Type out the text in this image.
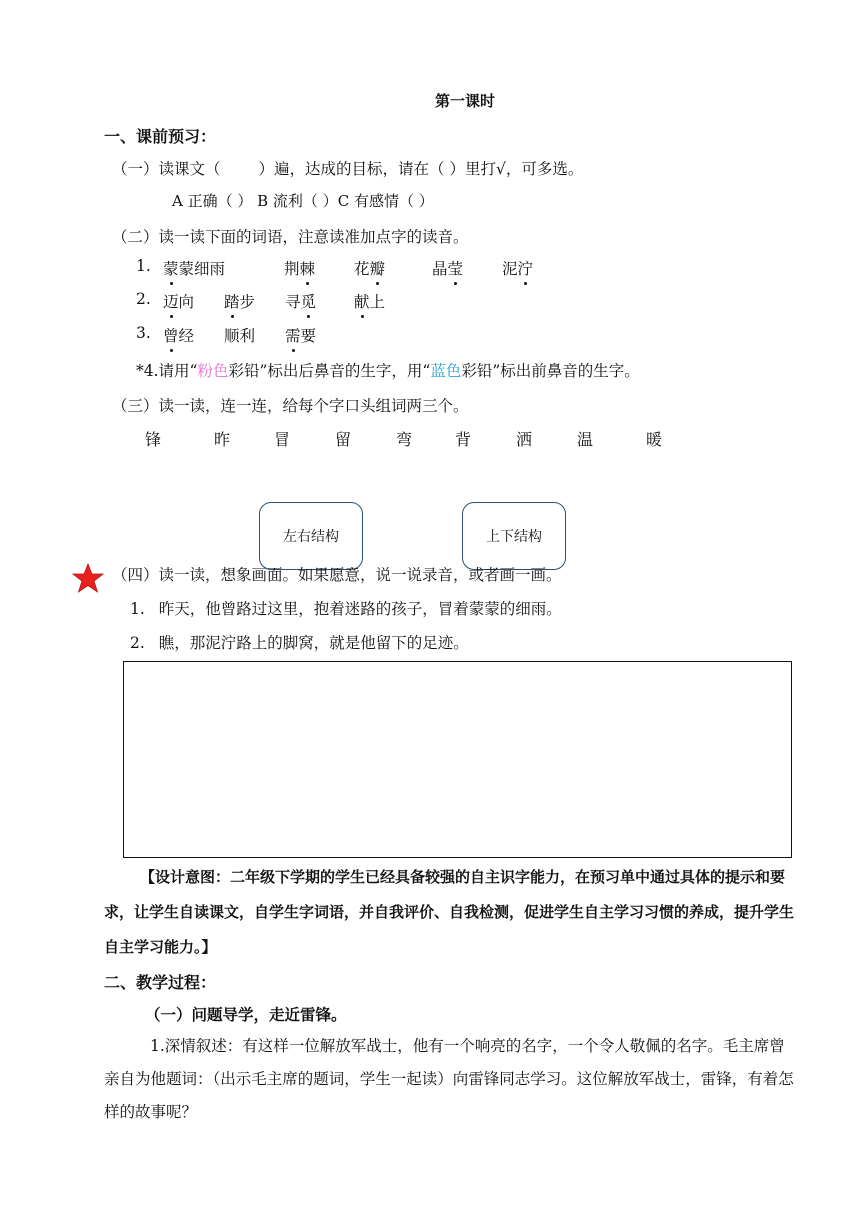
第一课时
一、课前预习：
（一）读课文（ ）遍，达成的目标，请在（ ）里打√，可多选。
A 正确（ ） B 流利（ ）C 有感情（ ）
（二）读一读下面的词语，注意读准加点字的读音。
1. 蒙蒙细雨	荆棘	花瓣	晶莹	泥泞
2. 迈向 踏步 寻觅 献上
3. 曾经 顺利 需要
*4.请用“粉色彩铅”标出后鼻音的生字，用“蓝色彩铅”标出前鼻音的生字。
（三）读一读，连一连，给每个字口头组词两三个。
锋	昨	冒	留	弯	背	洒	温	暖
左右结构	上下结构
（四）读一读，想象画面。如果愿意，说一说录音，或者画一画。
1. 昨天，他曾路过这里，抱着迷路的孩子，冒着蒙蒙的细雨。
2. 瞧，那泥泞路上的脚窝，就是他留下的足迹。
【设计意图：二年级下学期的学生已经具备较强的自主识字能力，在预习单中通过具体的提示和要求，让学生自读课文，自学生字词语，并自我评价、自我检测，促进学生自主学习习惯的养成，提升学生自主学习能力。】
二、教学过程：
（一）问题导学，走近雷锋。
1.深情叙述：有这样一位解放军战士，他有一个响亮的名字，一个令人敬佩的名字。毛主席曾亲自为他题词：（出示毛主席的题词，学生一起读）向雷锋同志学习。这位解放军战士，雷锋，有着怎样的故事呢？
